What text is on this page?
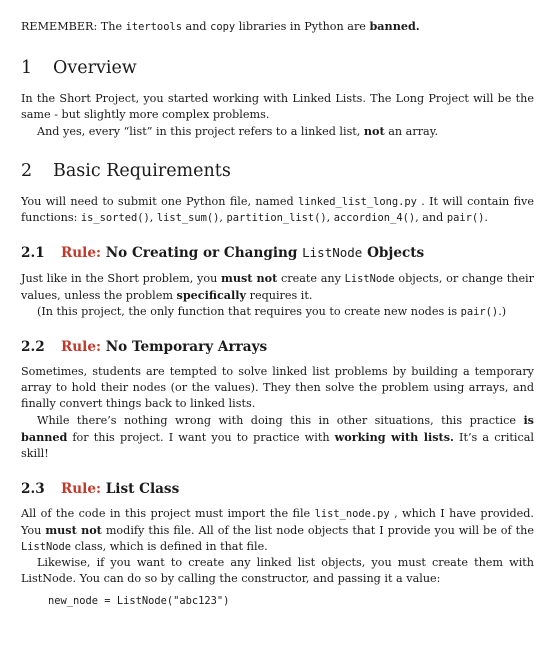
REMEMBER: The itertools and copy libraries in Python are banned.

1 Overview

In the Short Project, you started working with Linked Lists. The Long Project will be the same - but slightly more complex problems.

And yes, every “list” in this project refers to a linked list, not an array.

2 Basic Requirements

You will need to submit one Python file, named linked_list_long.py . It will contain five functions: is_sorted(), list_sum(), partition_list(), accordion_4(), and pair().

2.1 Rule: No Creating or Changing ListNode Objects

Just like in the Short problem, you must not create any ListNode objects, or change their values, unless the problem specifically requires it.

(In this project, the only function that requires you to create new nodes is pair().)

2.2 Rule: No Temporary Arrays

Sometimes, students are tempted to solve linked list problems by building a temporary array to hold their nodes (or the values). They then solve the problem using arrays, and finally convert things back to linked lists.

While there’s nothing wrong with doing this in other situations, this practice is banned for this project. I want you to practice with working with lists. It’s a critical skill!

2.3 Rule: List Class

All of the code in this project must import the file list_node.py , which I have provided. You must not modify this file. All of the list node objects that I provide you will be of the ListNode class, which is defined in that file.

Likewise, if you want to create any linked list objects, you must create them with ListNode. You can do so by calling the constructor, and passing it a value:

new_node = ListNode("abc123")
